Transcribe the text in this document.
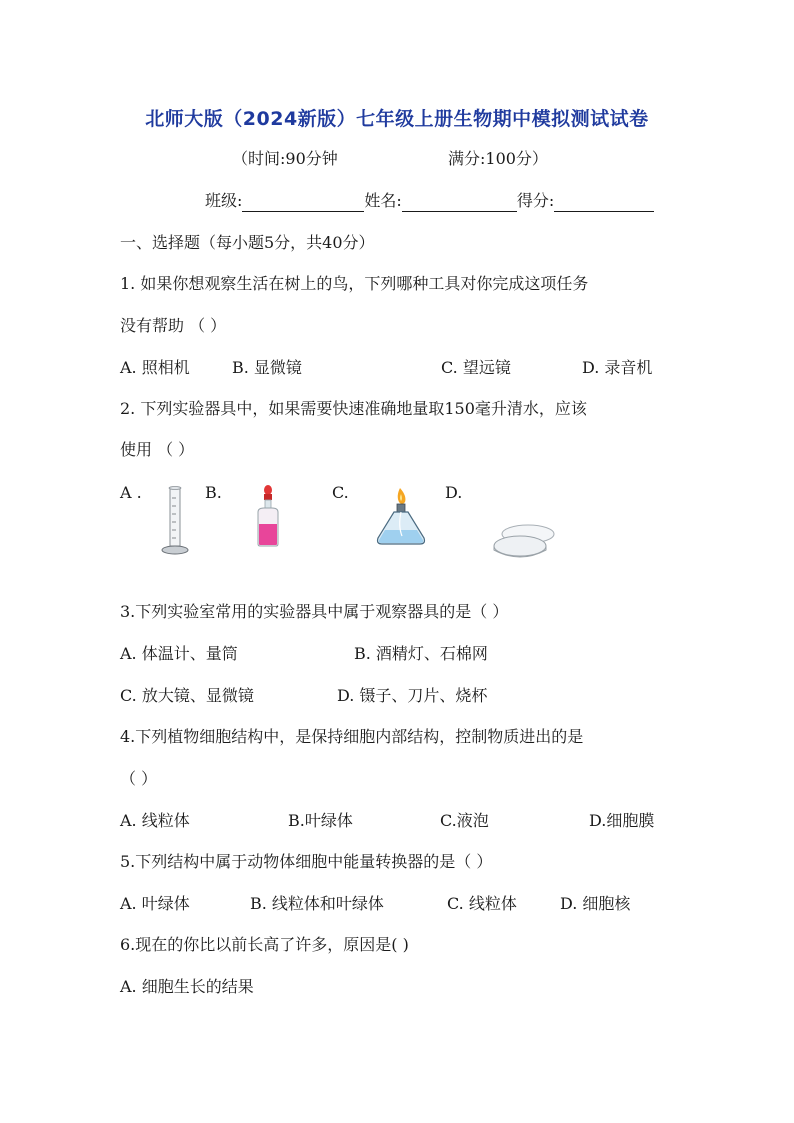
北师大版（2024新版）七年级上册生物期中模拟测试试卷
（时间:90分钟	满分:100分）
班级:	姓名:	得分:
一、选择题（每小题5分，共40分）
1. 如果你想观察生活在树上的鸟，下列哪种工具对你完成这项任务
没有帮助 （ ）
A. 照相机	B. 显微镜	C. 望远镜	D. 录音机
2. 下列实验器具中，如果需要快速准确地量取150毫升清水，应该
使用 （ ）
A .	B.	C.	D.
3.下列实验室常用的实验器具中属于观察器具的是（ ）
A. 体温计、量筒	B. 酒精灯、石棉网
C. 放大镜、显微镜	D. 镊子、刀片、烧杯
4.下列植物细胞结构中，是保持细胞内部结构，控制物质进出的是
（ ）
A. 线粒体	B.叶绿体	C.液泡	D.细胞膜
5.下列结构中属于动物体细胞中能量转换器的是（ ）
A. 叶绿体	B. 线粒体和叶绿体	C. 线粒体	D. 细胞核
6.现在的你比以前长高了许多，原因是( )
A. 细胞生长的结果
